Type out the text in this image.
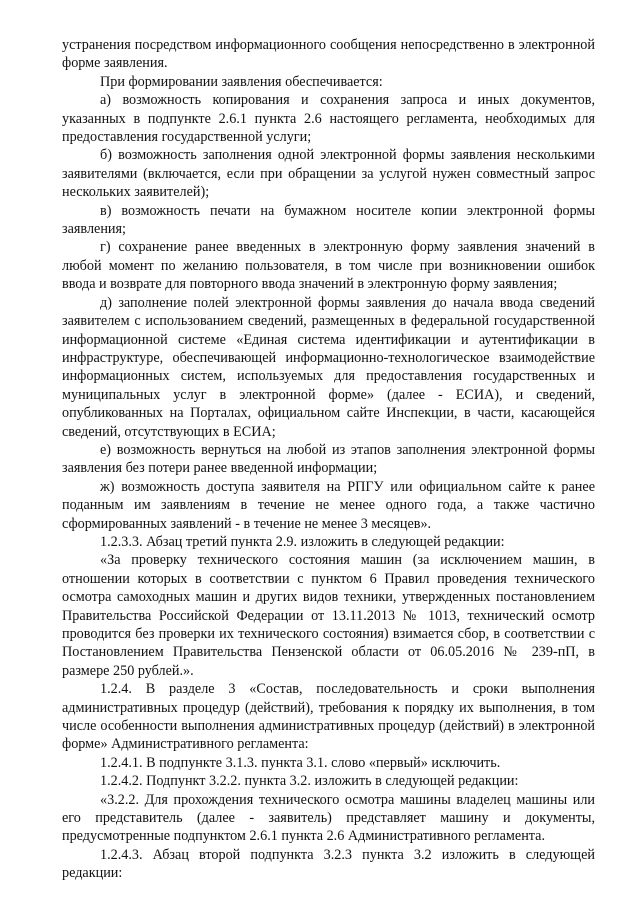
устранения посредством информационного сообщения непосредственно в электронной форме заявления.

При формировании заявления обеспечивается:

а) возможность копирования и сохранения запроса и иных документов, указанных в подпункте 2.6.1 пункта 2.6 настоящего регламента, необходимых для предоставления государственной услуги;

б) возможность заполнения одной электронной формы заявления несколькими заявителями (включается, если при обращении за услугой нужен совместный запрос нескольких заявителей);

в) возможность печати на бумажном носителе копии электронной формы заявления;

г) сохранение ранее введенных в электронную форму заявления значений в любой момент по желанию пользователя, в том числе при возникновении ошибок ввода и возврате для повторного ввода значений в электронную форму заявления;

д) заполнение полей электронной формы заявления до начала ввода сведений заявителем с использованием сведений, размещенных в федеральной государственной информационной системе «Единая система идентификации и аутентификации в инфраструктуре, обеспечивающей информационно-технологическое взаимодействие информационных систем, используемых для предоставления государственных и муниципальных услуг в электронной форме» (далее - ЕСИА), и сведений, опубликованных на Порталах, официальном сайте Инспекции, в части, касающейся сведений, отсутствующих в ЕСИА;

е) возможность вернуться на любой из этапов заполнения электронной формы заявления без потери ранее введенной информации;

ж) возможность доступа заявителя на РПГУ или официальном сайте к ранее поданным им заявлениям в течение не менее одного года, а также частично сформированных заявлений - в течение не менее 3 месяцев».

1.2.3.3. Абзац третий пункта 2.9. изложить в следующей редакции:

«За проверку технического состояния машин (за исключением машин, в отношении которых в соответствии с пунктом 6 Правил проведения технического осмотра самоходных машин и других видов техники, утвержденных постановлением Правительства Российской Федерации от 13.11.2013 № 1013, технический осмотр проводится без проверки их технического состояния) взимается сбор, в соответствии с Постановлением Правительства Пензенской области от 06.05.2016 № 239-пП, в размере 250 рублей.».

1.2.4. В разделе 3 «Состав, последовательность и сроки выполнения административных процедур (действий), требования к порядку их выполнения, в том числе особенности выполнения административных процедур (действий) в электронной форме» Административного регламента:

1.2.4.1. В подпункте 3.1.3. пункта 3.1. слово «первый» исключить.

1.2.4.2. Подпункт 3.2.2. пункта 3.2. изложить в следующей редакции:

«3.2.2. Для прохождения технического осмотра машины владелец машины или его представитель (далее - заявитель) представляет машину и документы, предусмотренные подпунктом 2.6.1 пункта 2.6 Административного регламента.

1.2.4.3. Абзац второй подпункта 3.2.3 пункта 3.2 изложить в следующей редакции:
